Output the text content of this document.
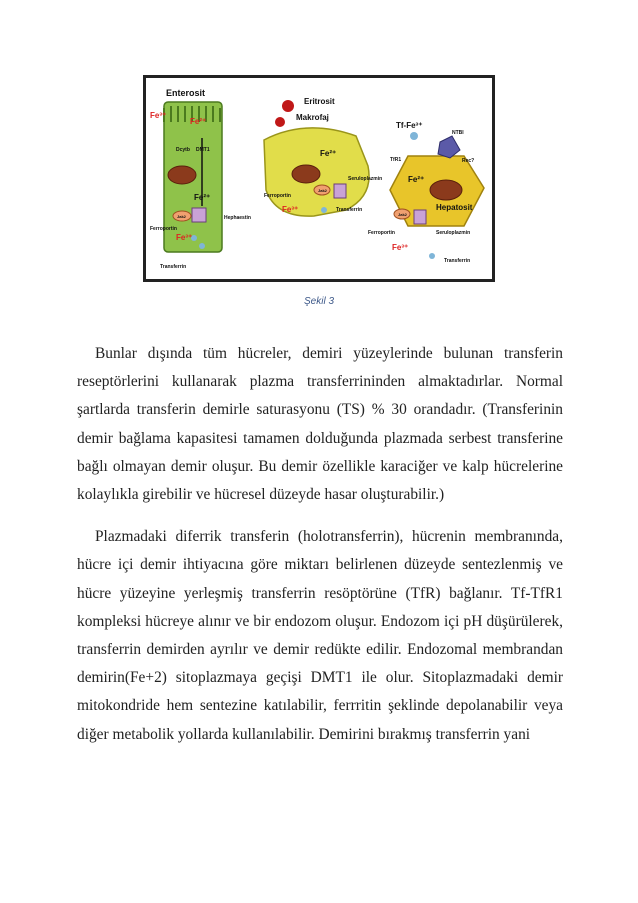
Enterosit
Fe³⁺
Fe²⁺
Dcytb DMT1
Fe²⁺
Jak2	Hephaestin
Ferroportin
Fe³⁺
Transferrin
Eritrosit
Makrofaj
Fe²⁺
Jak2
Seruloplazmin
Ferroportin
Fe³⁺	Transferrin
Tf-Fe³⁺
NTBI
TfR1	Rec?
Fe²⁺
Hepatosit
Jak2
Ferroportin	Seruloplazmin
Fe³⁺
Transferrin
Şekil 3

Bunlar dışında tüm hücreler, demiri yüzeylerinde bulunan transferin reseptörlerini kullanarak plazma transferrininden almaktadırlar. Normal şartlarda transferin demirle saturasyonu (TS) % 30 orandadır. (Transferinin demir bağlama kapasitesi tamamen dolduğunda plazmada serbest transferine bağlı olmayan demir oluşur. Bu demir özellikle karaciğer ve kalp hücrelerine kolaylıkla girebilir ve hücresel düzeyde hasar oluşturabilir.)

Plazmadaki diferrik transferin (holotransferrin), hücrenin membranında, hücre içi demir ihtiyacına göre miktarı belirlenen düzeyde sentezlenmiş ve hücre yüzeyine yerleşmiş transferrin resöptörüne (TfR) bağlanır. Tf-TfR1 kompleksi hücreye alınır ve bir endozom oluşur. Endozom içi pH düşürülerek, transferrin demirden ayrılır ve demir redükte edilir. Endozomal membrandan demirin(Fe+2) sitoplazmaya geçişi DMT1 ile olur. Sitoplazmadaki demir mitokondride hem sentezine katılabilir, ferrritin şeklinde depolanabilir veya diğer metabolik yollarda kullanılabilir. Demirini bırakmış transferrin yani
